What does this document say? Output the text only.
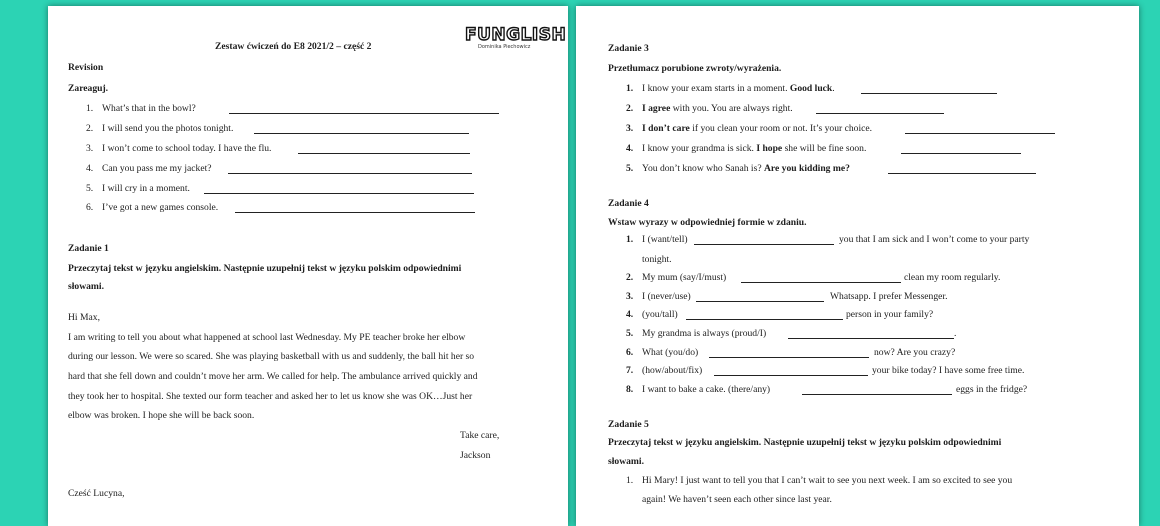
Zestaw ćwiczeń do E8 2021/2 – część 2
FUNGLISH
Dominika Piechowicz
Revision
Zareaguj.
1. What’s that in the bowl?
2. I will send you the photos tonight.
3. I won’t come to school today. I have the flu.
4. Can you pass me my jacket?
5. I will cry in a moment.
6. I’ve got a new games console.
Zadanie 1
Przeczytaj tekst w języku angielskim. Następnie uzupełnij tekst w języku polskim odpowiednimi
słowami.
Hi Max,
I am writing to tell you about what happened at school last Wednesday. My PE teacher broke her elbow
during our lesson. We were so scared. She was playing basketball with us and suddenly, the ball hit her so
hard that she fell down and couldn’t move her arm. We called for help. The ambulance arrived quickly and
they took her to hospital. She texted our form teacher and asked her to let us know she was OK…Just her
elbow was broken. I hope she will be back soon.
Take care,
Jackson
Cześć Lucyna,
Zadanie 3
Przetłumacz porubione zwroty/wyrażenia.
1. I know your exam starts in a moment. Good luck.
2. I agree with you. You are always right.
3. I don’t care if you clean your room or not. It’s your choice.
4. I know your grandma is sick. I hope she will be fine soon.
5. You don’t know who Sanah is? Are you kidding me?
Zadanie 4
Wstaw wyrazy w odpowiedniej formie w zdaniu.
1. I (want/tell)	you that I am sick and I won’t come to your party
tonight.
2. My mum (say/I/must)	clean my room regularly.
3. I (never/use)	Whatsapp. I prefer Messenger.
4. (you/tall)	person in your family?
5. My grandma is always (proud/I)	.
6. What (you/do)	now? Are you crazy?
7. (how/about/fix)	your bike today? I have some free time.
8. I want to bake a cake. (there/any)	eggs in the fridge?
Zadanie 5
Przeczytaj tekst w języku angielskim. Następnie uzupełnij tekst w języku polskim odpowiednimi
słowami.
1. Hi Mary! I just want to tell you that I can’t wait to see you next week. I am so excited to see you
again! We haven’t seen each other since last year.
